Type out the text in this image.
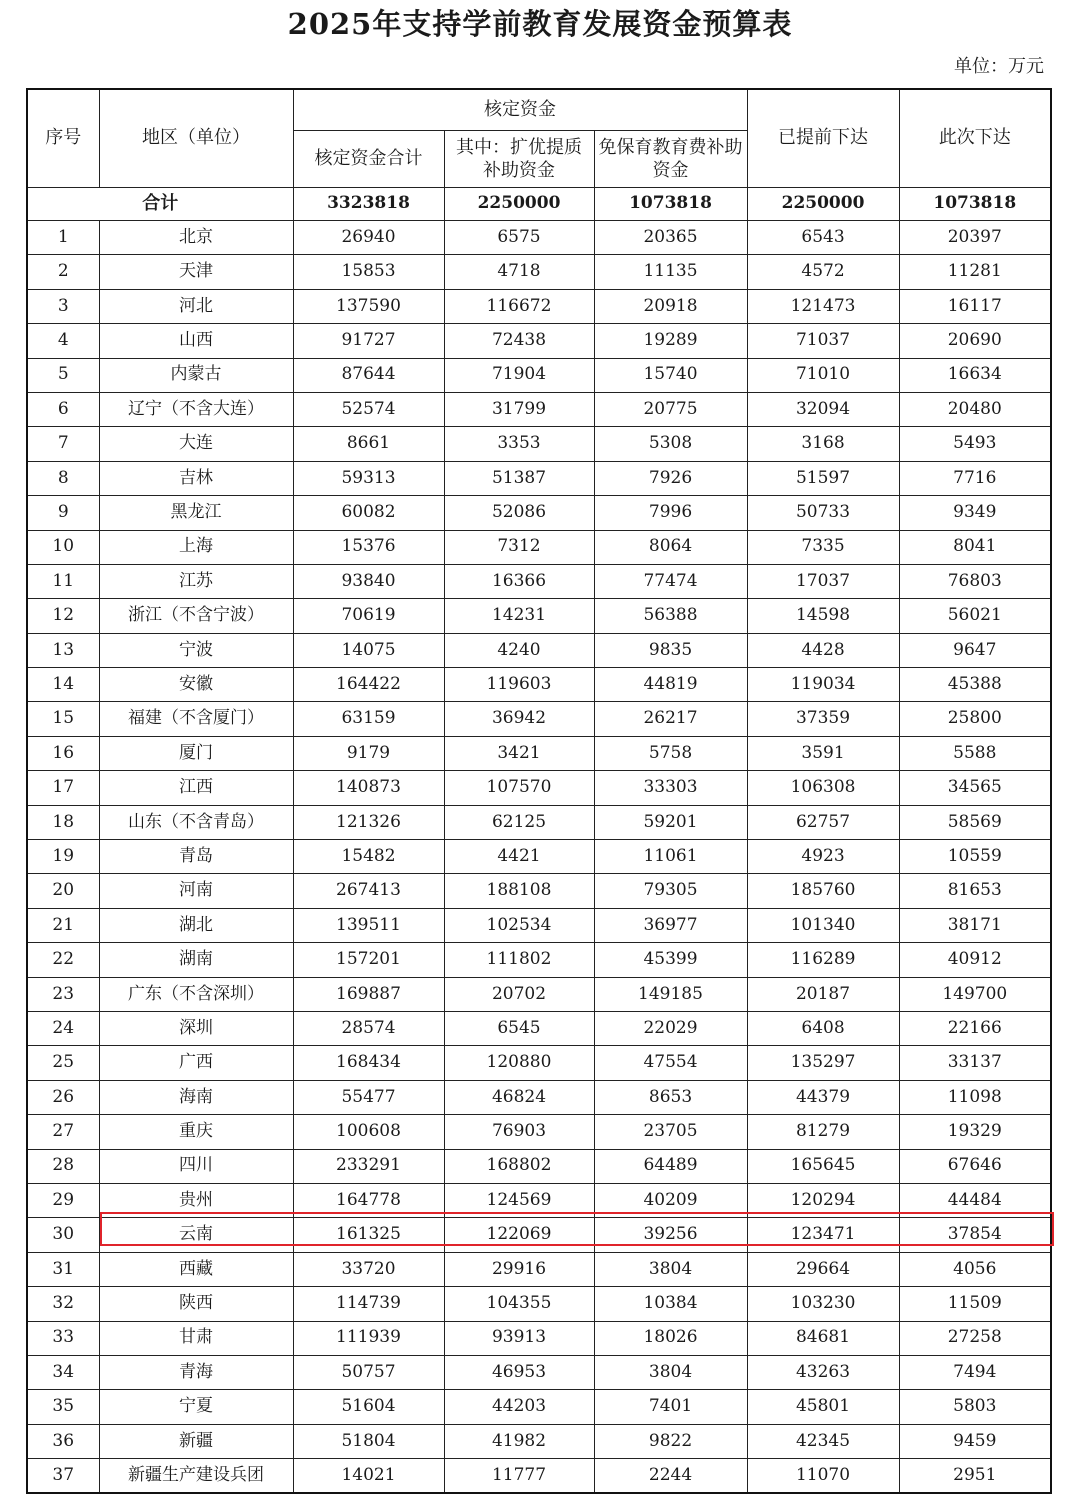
2025年支持学前教育发展资金预算表
单位：万元
序号	地区（单位）	核定资金			已提前下达	此次下达
		核定资金合计	其中：扩优提质补助资金	免保育教育费补助资金		
合计		3323818	2250000	1073818	2250000	1073818
1	北京	26940	6575	20365	6543	20397
2	天津	15853	4718	11135	4572	11281
3	河北	137590	116672	20918	121473	16117
4	山西	91727	72438	19289	71037	20690
5	内蒙古	87644	71904	15740	71010	16634
6	辽宁（不含大连）	52574	31799	20775	32094	20480
7	大连	8661	3353	5308	3168	5493
8	吉林	59313	51387	7926	51597	7716
9	黑龙江	60082	52086	7996	50733	9349
10	上海	15376	7312	8064	7335	8041
11	江苏	93840	16366	77474	17037	76803
12	浙江（不含宁波）	70619	14231	56388	14598	56021
13	宁波	14075	4240	9835	4428	9647
14	安徽	164422	119603	44819	119034	45388
15	福建（不含厦门）	63159	36942	26217	37359	25800
16	厦门	9179	3421	5758	3591	5588
17	江西	140873	107570	33303	106308	34565
18	山东（不含青岛）	121326	62125	59201	62757	58569
19	青岛	15482	4421	11061	4923	10559
20	河南	267413	188108	79305	185760	81653
21	湖北	139511	102534	36977	101340	38171
22	湖南	157201	111802	45399	116289	40912
23	广东（不含深圳）	169887	20702	149185	20187	149700
24	深圳	28574	6545	22029	6408	22166
25	广西	168434	120880	47554	135297	33137
26	海南	55477	46824	8653	44379	11098
27	重庆	100608	76903	23705	81279	19329
28	四川	233291	168802	64489	165645	67646
29	贵州	164778	124569	40209	120294	44484
30	云南	161325	122069	39256	123471	37854
31	西藏	33720	29916	3804	29664	4056
32	陕西	114739	104355	10384	103230	11509
33	甘肃	111939	93913	18026	84681	27258
34	青海	50757	46953	3804	43263	7494
35	宁夏	51604	44203	7401	45801	5803
36	新疆	51804	41982	9822	42345	9459
37	新疆生产建设兵团	14021	11777	2244	11070	2951
